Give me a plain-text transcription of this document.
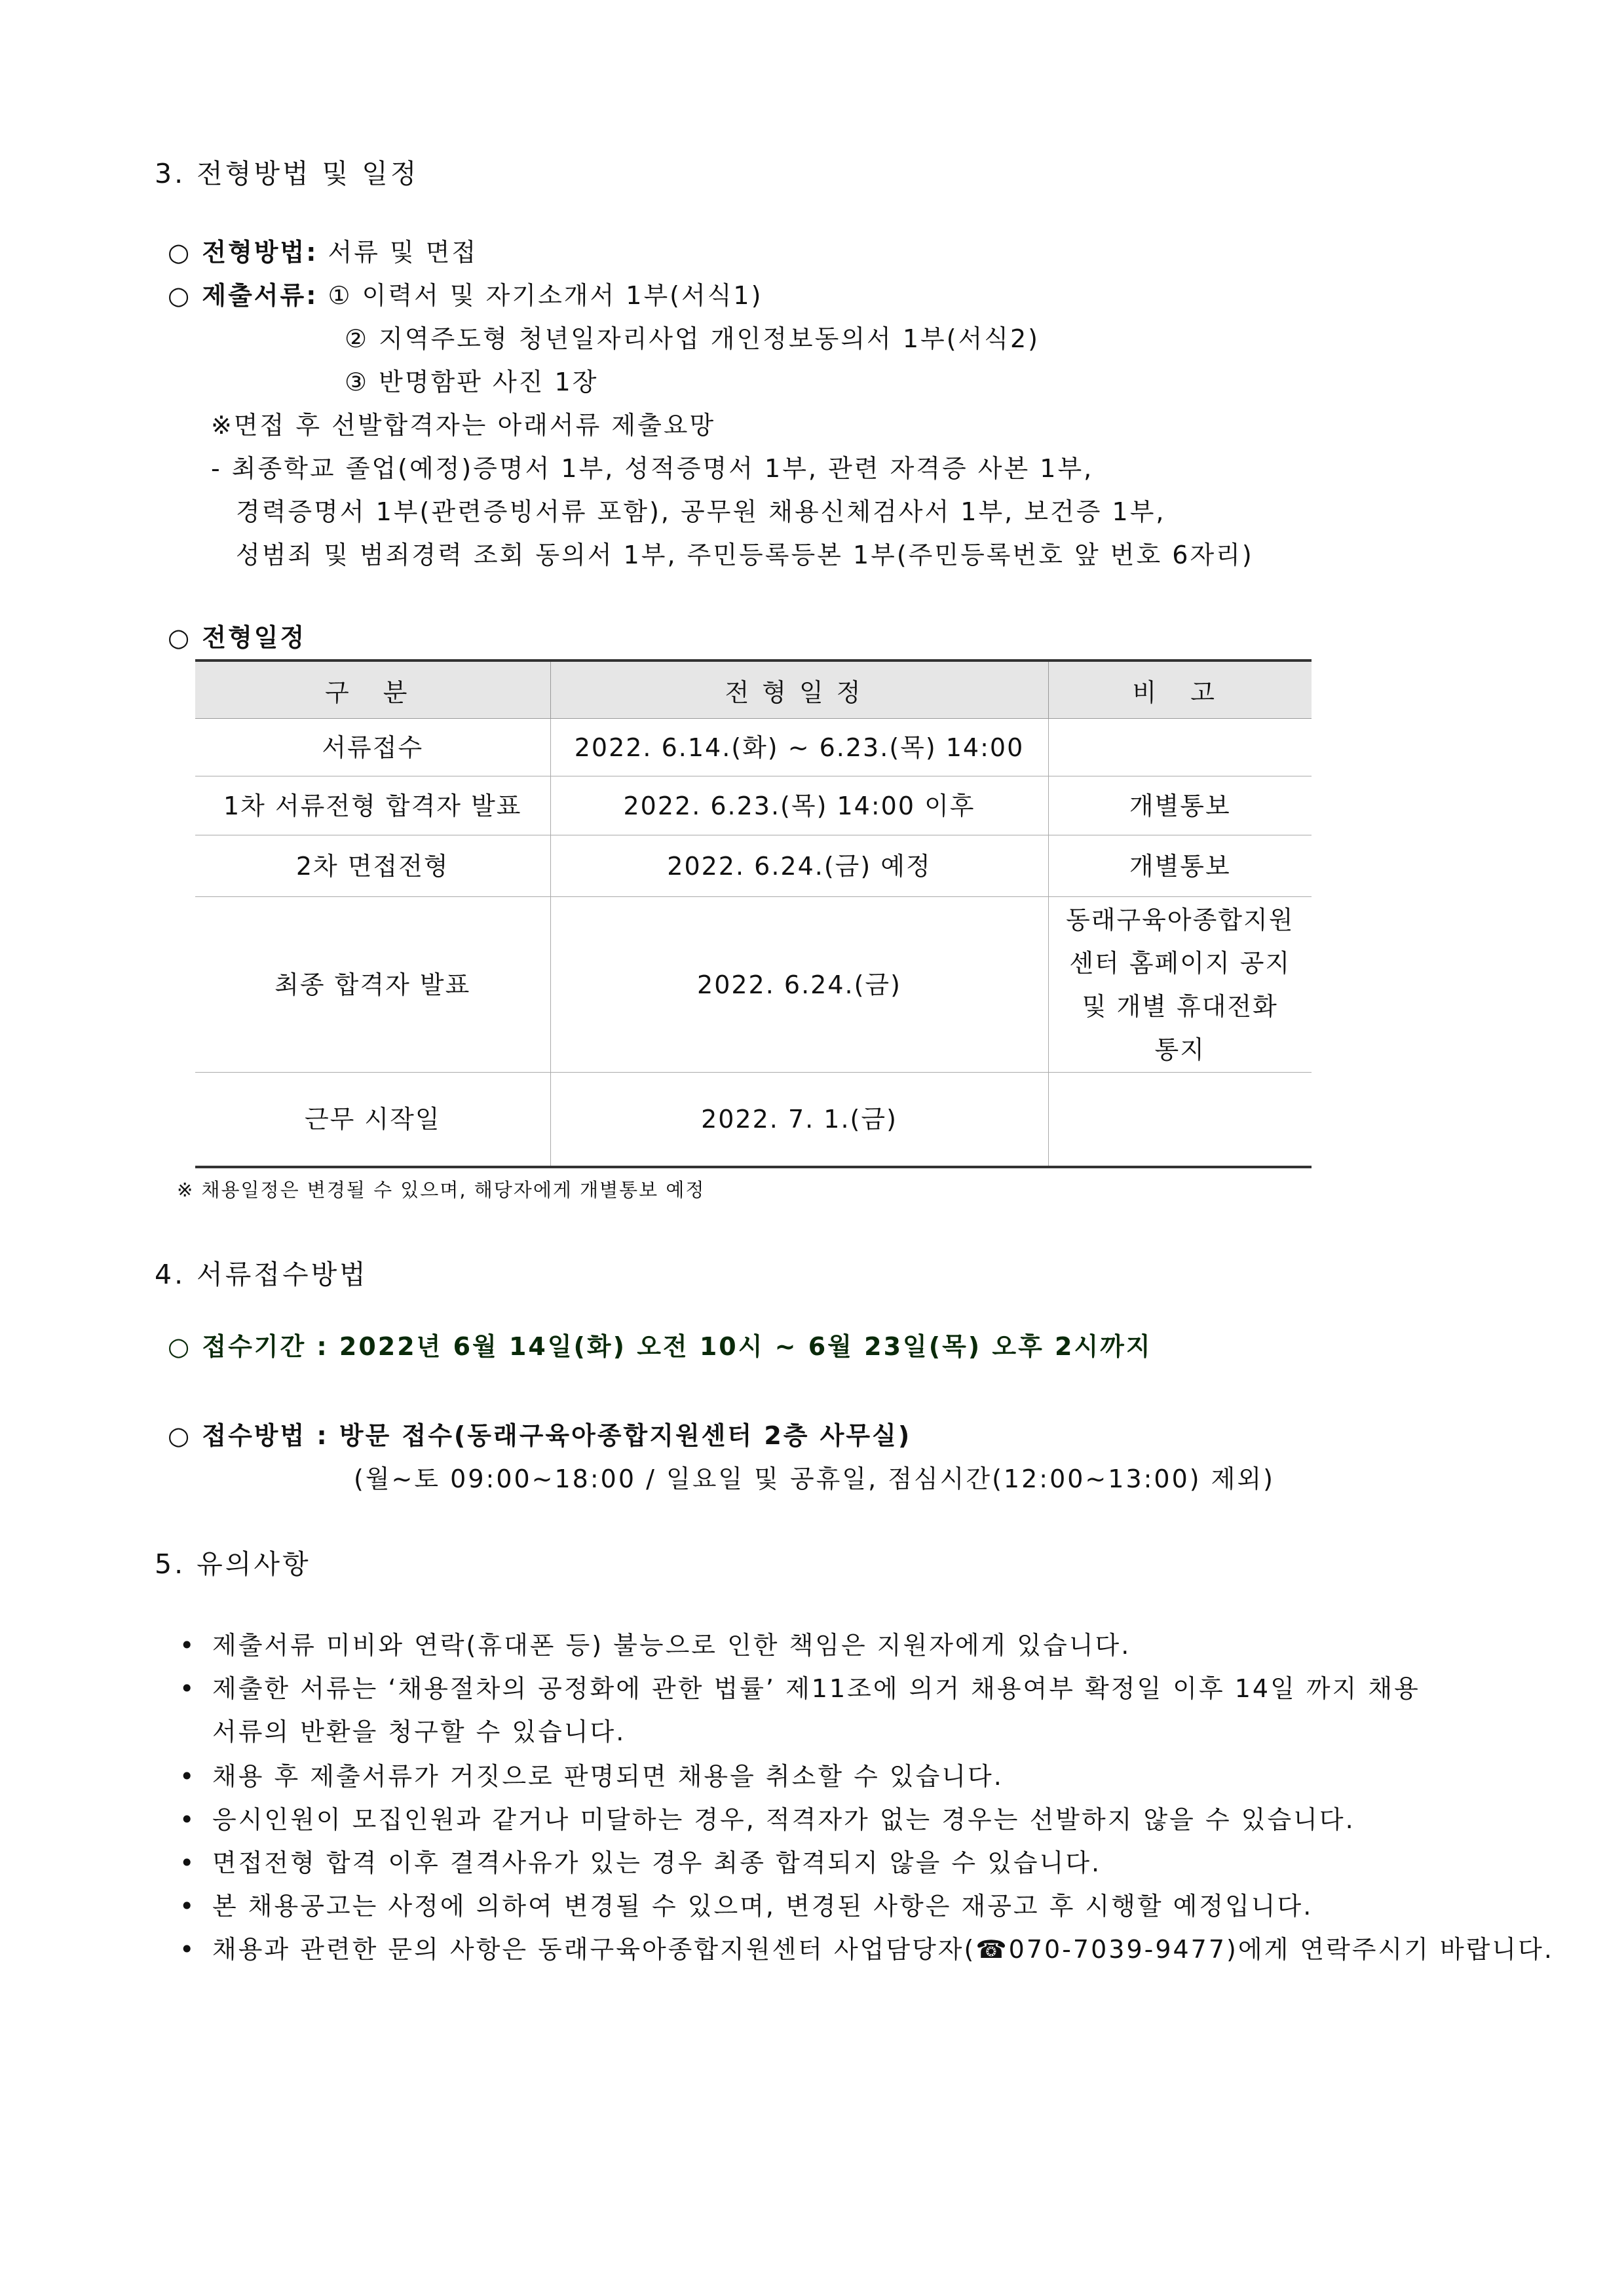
3. 전형방법 및 일정
○ 전형방법: 서류 및 면접
○ 제출서류: ① 이력서 및 자기소개서 1부(서식1)
② 지역주도형 청년일자리사업 개인정보동의서 1부(서식2)
③ 반명함판 사진 1장
※면접 후 선발합격자는 아래서류 제출요망
- 최종학교 졸업(예정)증명서 1부, 성적증명서 1부, 관련 자격증 사본 1부,
경력증명서 1부(관련증빙서류 포함), 공무원 채용신체검사서 1부, 보건증 1부,
성범죄 및 범죄경력 조회 동의서 1부, 주민등록등본 1부(주민등록번호 앞 번호 6자리)
○ 전형일정
구 분	전형일정	비 고
서류접수	2022. 6.14.(화) ~ 6.23.(목) 14:00	
1차 서류전형 합격자 발표	2022. 6.23.(목) 14:00 이후	개별통보
2차 면접전형	2022. 6.24.(금) 예정	개별통보
최종 합격자 발표	2022. 6.24.(금)	동래구육아종합지원
센터 홈페이지 공지
및 개별 휴대전화
통지
근무 시작일	2022. 7. 1.(금)	
※ 채용일정은 변경될 수 있으며, 해당자에게 개별통보 예정
4. 서류접수방법
○ 접수기간 : 2022년 6월 14일(화) 오전 10시 ~ 6월 23일(목) 오후 2시까지
○ 접수방법 : 방문 접수(동래구육아종합지원센터 2층 사무실)
(월~토 09:00~18:00 / 일요일 및 공휴일, 점심시간(12:00~13:00) 제외)
5. 유의사항
• 제출서류 미비와 연락(휴대폰 등) 불능으로 인한 책임은 지원자에게 있습니다.
• 제출한 서류는 ‘채용절차의 공정화에 관한 법률’ 제11조에 의거 채용여부 확정일 이후 14일 까지 채용
서류의 반환을 청구할 수 있습니다.
• 채용 후 제출서류가 거짓으로 판명되면 채용을 취소할 수 있습니다.
• 응시인원이 모집인원과 같거나 미달하는 경우, 적격자가 없는 경우는 선발하지 않을 수 있습니다.
• 면접전형 합격 이후 결격사유가 있는 경우 최종 합격되지 않을 수 있습니다.
• 본 채용공고는 사정에 의하여 변경될 수 있으며, 변경된 사항은 재공고 후 시행할 예정입니다.
• 채용과 관련한 문의 사항은 동래구육아종합지원센터 사업담당자(☎070-7039-9477)에게 연락주시기 바랍니다.
